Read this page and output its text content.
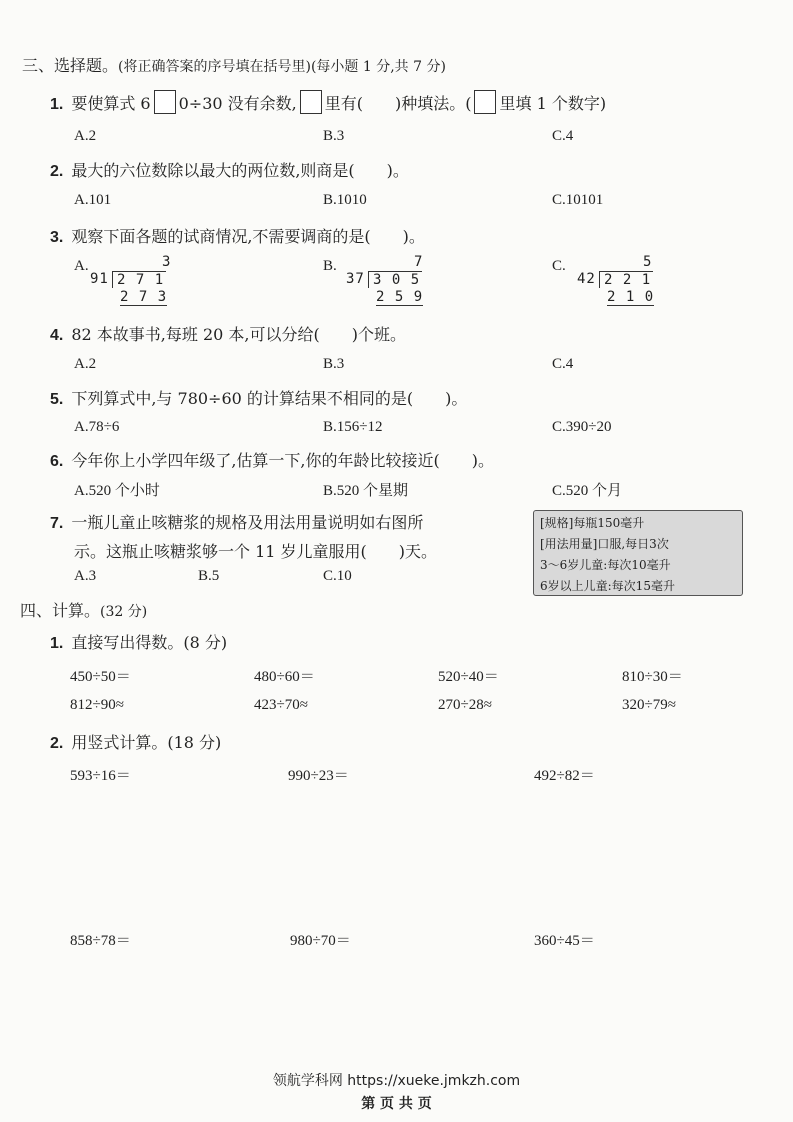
三、选择题。(将正确答案的序号填在括号里)(每小题 1 分,共 7 分)
1. 要使算式 6 0÷30 没有余数, 里有(　　)种填法。( 里填 1 个数字)
A.2	B.3	C.4
2. 最大的六位数除以最大的两位数,则商是(　　)。
A.101	B.1010	C.10101
3. 观察下面各题的试商情况,不需要调商的是(　　)。
A.	3
91 2 7 1
2 7 3
B.	7
37 3 0 5
2 5 9
C.	5
42 2 2 1
2 1 0
4. 82 本故事书,每班 20 本,可以分给(　　)个班。
A.2	B.3	C.4
5. 下列算式中,与 780÷60 的计算结果不相同的是(　　)。
A.78÷6	B.156÷12	C.390÷20
6. 今年你上小学四年级了,估算一下,你的年龄比较接近(　　)。
A.520 个小时	B.520 个星期	C.520 个月
7. 一瓶儿童止咳糖浆的规格及用法用量说明如右图所
示。这瓶止咳糖浆够一个 11 岁儿童服用(　　)天。
A.3	B.5	C.10
[规格]每瓶150毫升
[用法用量]口服,每日3次
3～6岁儿童:每次10毫升
6岁以上儿童:每次15毫升
四、计算。(32 分)
1. 直接写出得数。(8 分)
450÷50＝	480÷60＝	520÷40＝	810÷30＝
812÷90≈	423÷70≈	270÷28≈	320÷79≈
2. 用竖式计算。(18 分)
593÷16＝	990÷23＝	492÷82＝
858÷78＝	980÷70＝	360÷45＝
领航学科网 https://xueke.jmkzh.com
第 页 共 页
